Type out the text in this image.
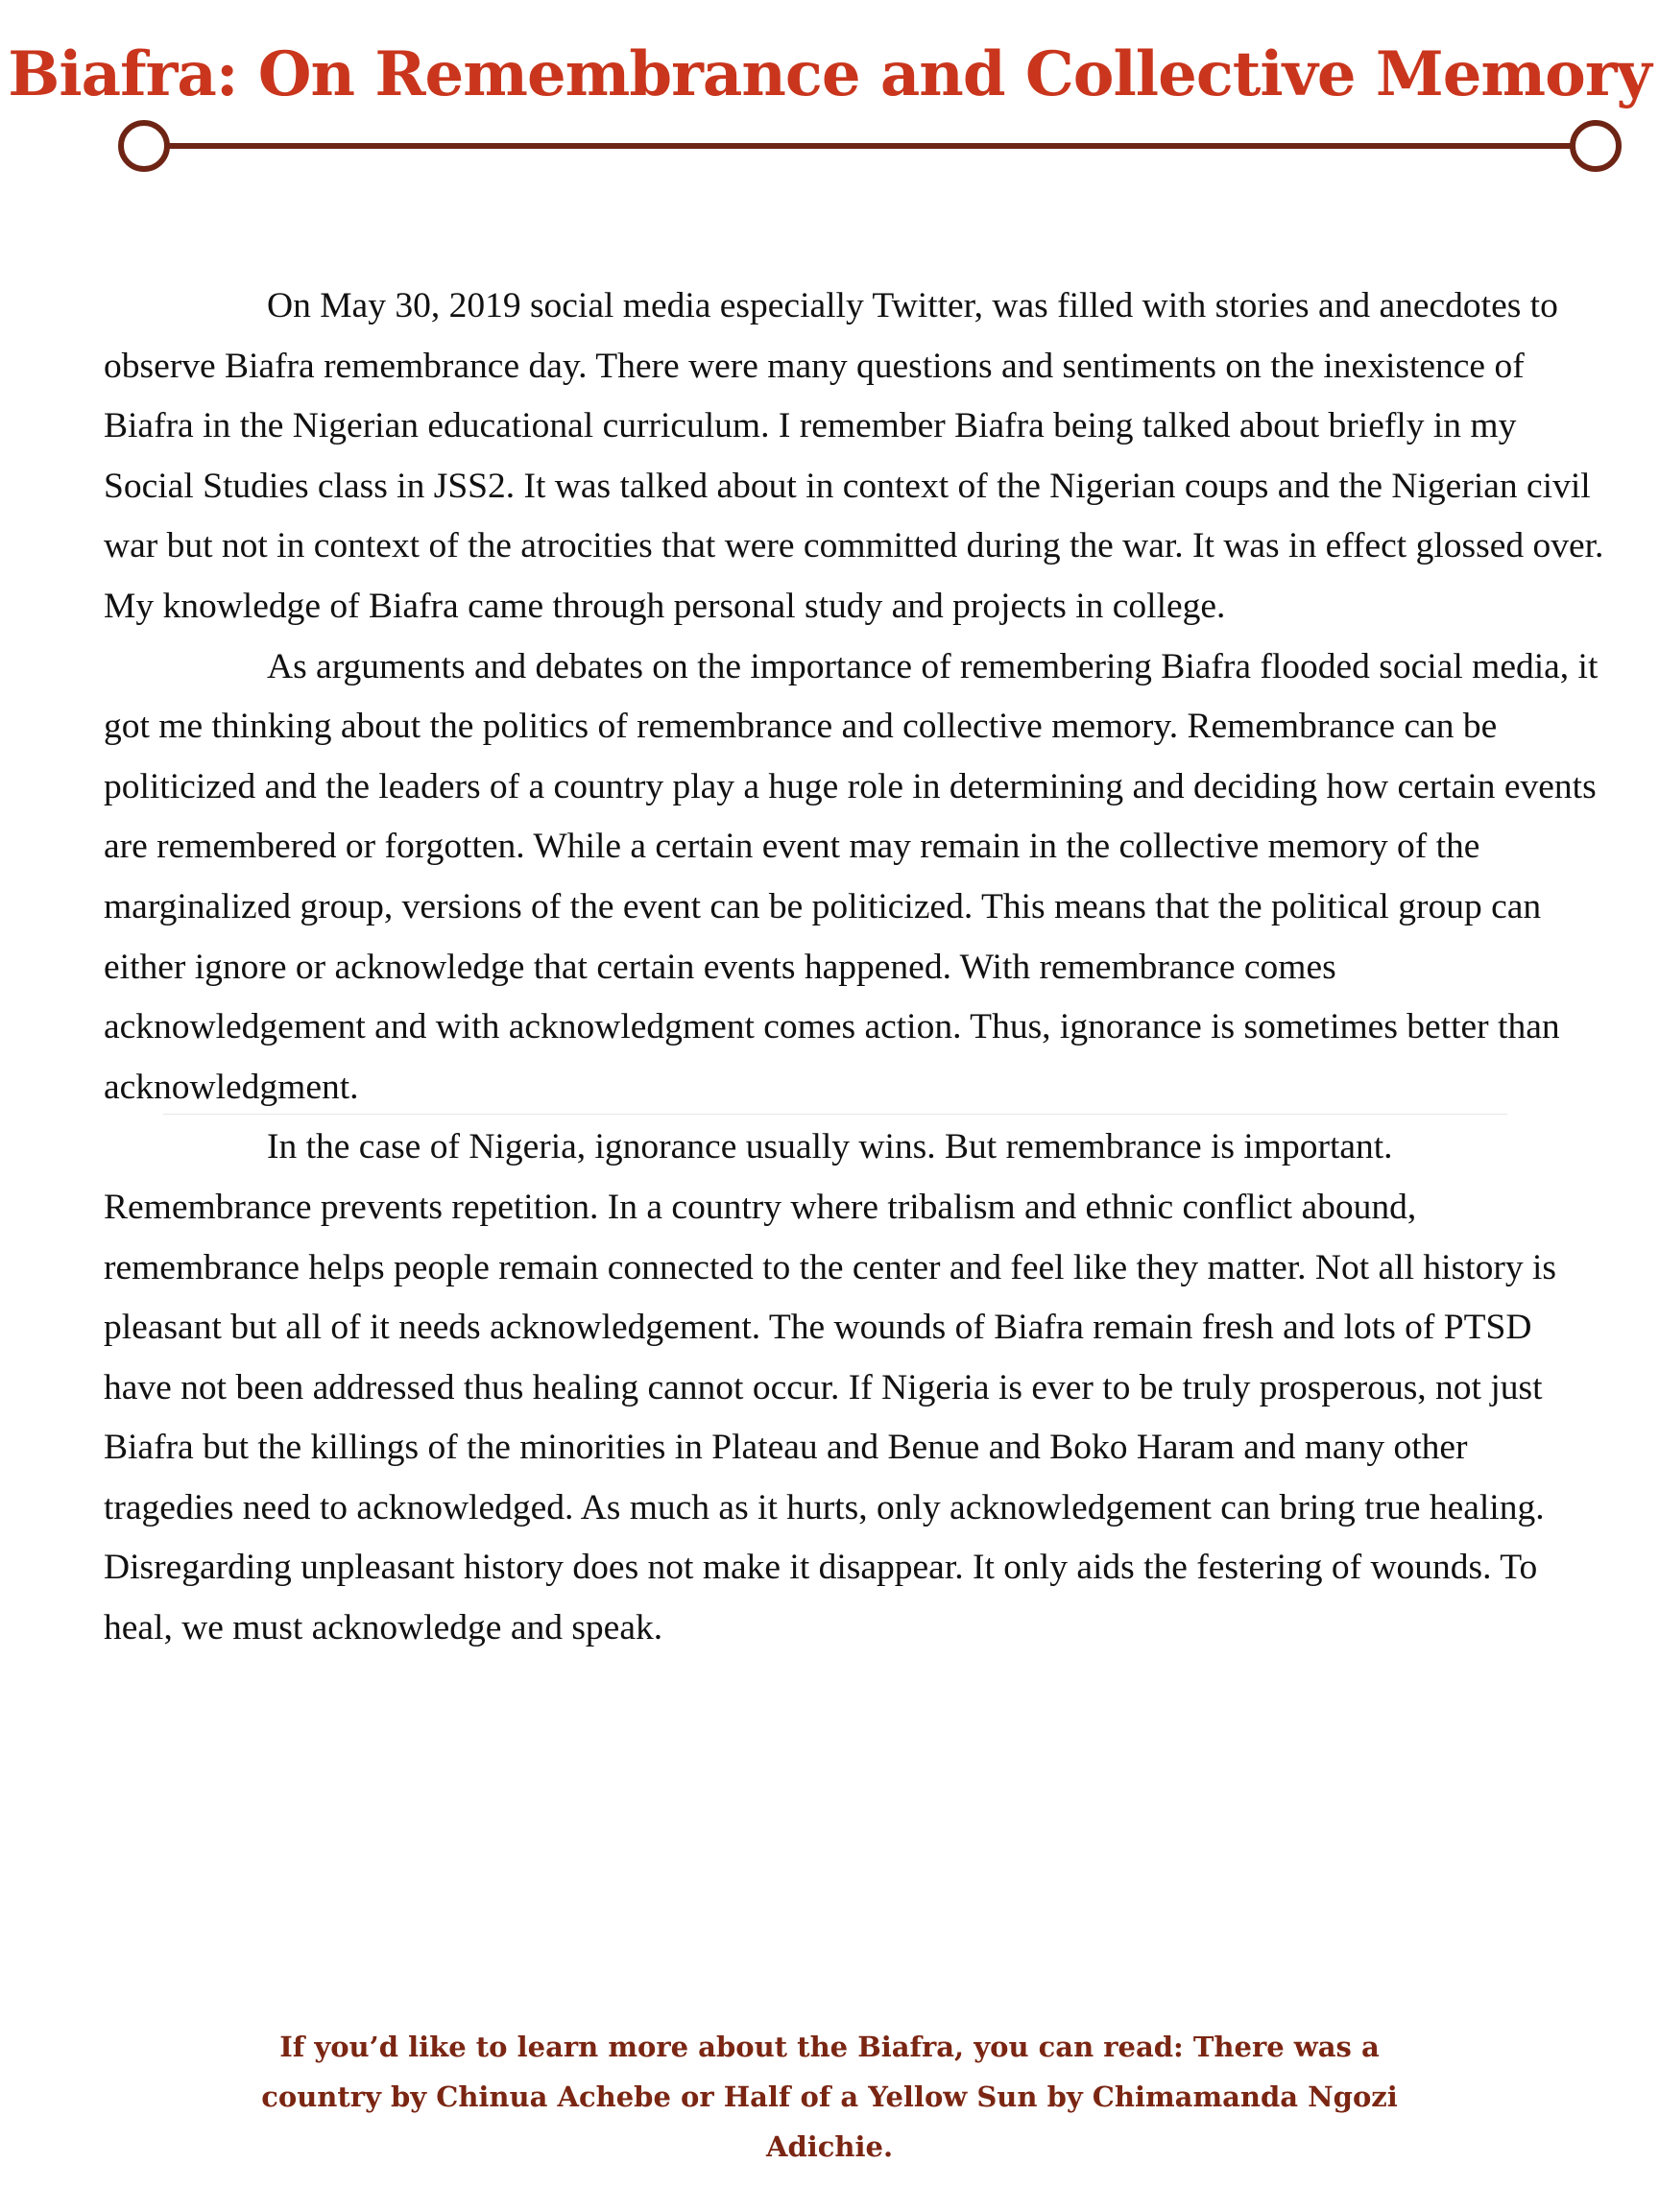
Biafra: On Remembrance and Collective Memory

On May 30, 2019 social media especially Twitter, was filled with stories and anecdotes to observe Biafra remembrance day. There were many questions and sentiments on the inexistence of Biafra in the Nigerian educational curriculum. I remember Biafra being talked about briefly in my Social Studies class in JSS2. It was talked about in context of the Nigerian coups and the Nigerian civil war but not in context of the atrocities that were committed during the war. It was in effect glossed over. My knowledge of Biafra came through personal study and projects in college.

As arguments and debates on the importance of remembering Biafra flooded social media, it got me thinking about the politics of remembrance and collective memory. Remembrance can be politicized and the leaders of a country play a huge role in determining and deciding how certain events are remembered or forgotten. While a certain event may remain in the collective memory of the marginalized group, versions of the event can be politicized. This means that the political group can either ignore or acknowledge that certain events happened. With remembrance comes acknowledgement and with acknowledgment comes action. Thus, ignorance is sometimes better than acknowledgment.

In the case of Nigeria, ignorance usually wins. But remembrance is important. Remembrance prevents repetition. In a country where tribalism and ethnic conflict abound, remembrance helps people remain connected to the center and feel like they matter. Not all history is pleasant but all of it needs acknowledgement. The wounds of Biafra remain fresh and lots of PTSD have not been addressed thus healing cannot occur. If Nigeria is ever to be truly prosperous, not just Biafra but the killings of the minorities in Plateau and Benue and Boko Haram and many other tragedies need to acknowledged. As much as it hurts, only acknowledgement can bring true healing. Disregarding unpleasant history does not make it disappear. It only aids the festering of wounds. To heal, we must acknowledge and speak.

If you’d like to learn more about the Biafra, you can read: There was a country by Chinua Achebe or Half of a Yellow Sun by Chimamanda Ngozi Adichie.
